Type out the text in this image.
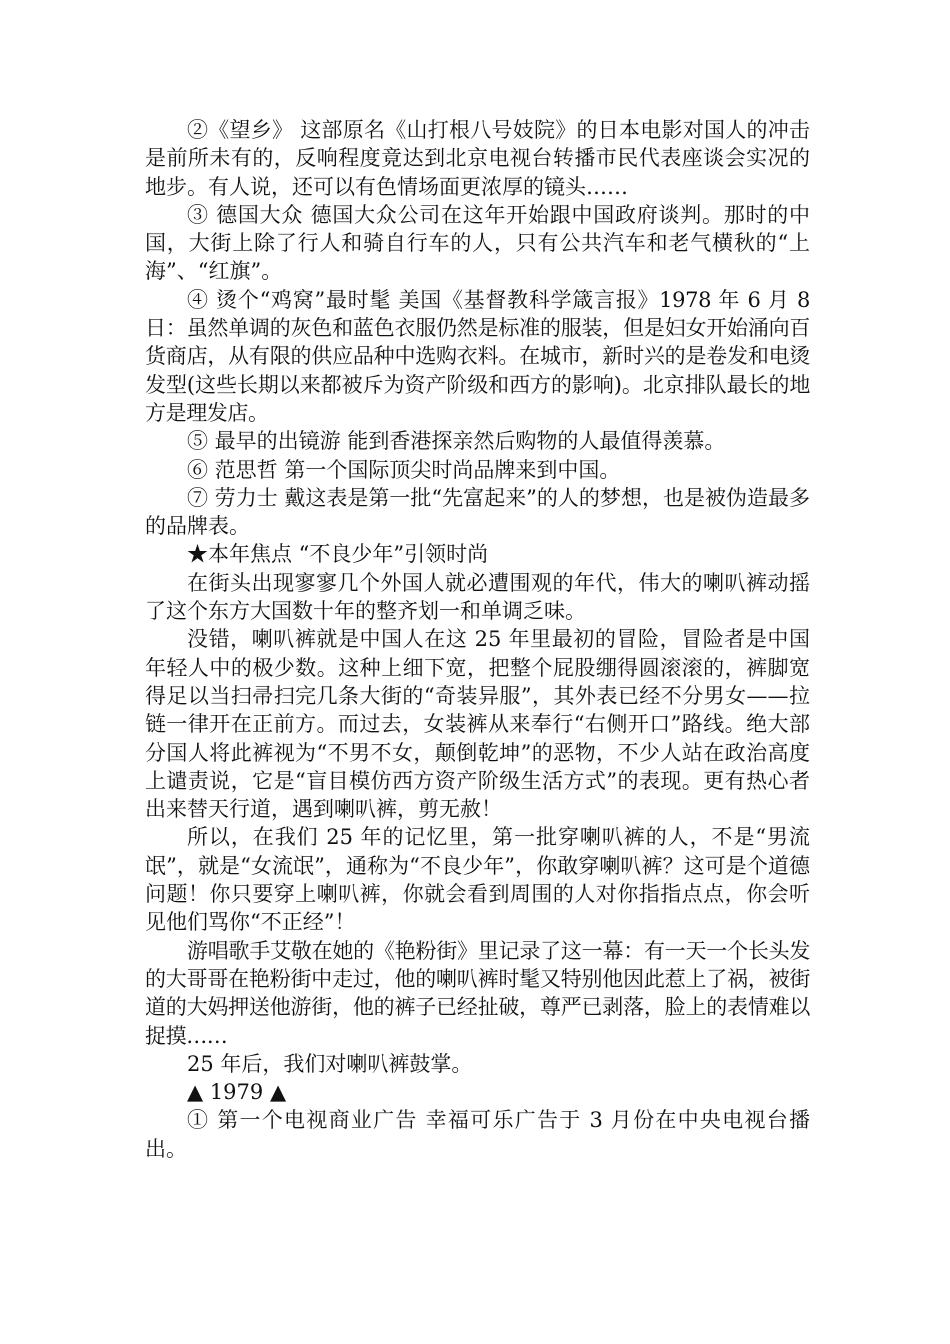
②《望乡》 这部原名《山打根八号妓院》的日本电影对国人的冲击是前所未有的，反响程度竟达到北京电视台转播市民代表座谈会实况的地步。有人说，还可以有色情场面更浓厚的镜头……

③ 德国大众 德国大众公司在这年开始跟中国政府谈判。那时的中国，大街上除了行人和骑自行车的人，只有公共汽车和老气横秋的“上海”、“红旗”。

④ 烫个“鸡窝”最时髦 美国《基督教科学箴言报》1978 年 6 月 8 日：虽然单调的灰色和蓝色衣服仍然是标准的服装，但是妇女开始涌向百货商店，从有限的供应品种中选购衣料。在城市，新时兴的是卷发和电烫发型(这些长期以来都被斥为资产阶级和西方的影响)。北京排队最长的地方是理发店。

⑤ 最早的出镜游 能到香港探亲然后购物的人最值得羡慕。

⑥ 范思哲 第一个国际顶尖时尚品牌来到中国。

⑦ 劳力士 戴这表是第一批“先富起来”的人的梦想，也是被伪造最多的品牌表。

★本年焦点 “不良少年”引领时尚

在街头出现寥寥几个外国人就必遭围观的年代，伟大的喇叭裤动摇了这个东方大国数十年的整齐划一和单调乏味。

没错，喇叭裤就是中国人在这 25 年里最初的冒险，冒险者是中国年轻人中的极少数。这种上细下宽，把整个屁股绷得圆滚滚的，裤脚宽得足以当扫帚扫完几条大街的“奇装异服”，其外表已经不分男女——拉链一律开在正前方。而过去，女装裤从来奉行“右侧开口”路线。绝大部分国人将此裤视为“不男不女，颠倒乾坤”的恶物，不少人站在政治高度上谴责说，它是“盲目模仿西方资产阶级生活方式”的表现。更有热心者出来替天行道，遇到喇叭裤，剪无赦！

所以，在我们 25 年的记忆里，第一批穿喇叭裤的人，不是“男流氓”，就是“女流氓”，通称为“不良少年”，你敢穿喇叭裤？这可是个道德问题！你只要穿上喇叭裤，你就会看到周围的人对你指指点点，你会听见他们骂你“不正经”！

游唱歌手艾敬在她的《艳粉街》里记录了这一幕：有一天一个长头发的大哥哥在艳粉街中走过，他的喇叭裤时髦又特别他因此惹上了祸，被街道的大妈押送他游街，他的裤子已经扯破，尊严已剥落，脸上的表情难以捉摸……

25 年后，我们对喇叭裤鼓掌。

▲ 1979 ▲

① 第一个电视商业广告 幸福可乐广告于 3 月份在中央电视台播出。
